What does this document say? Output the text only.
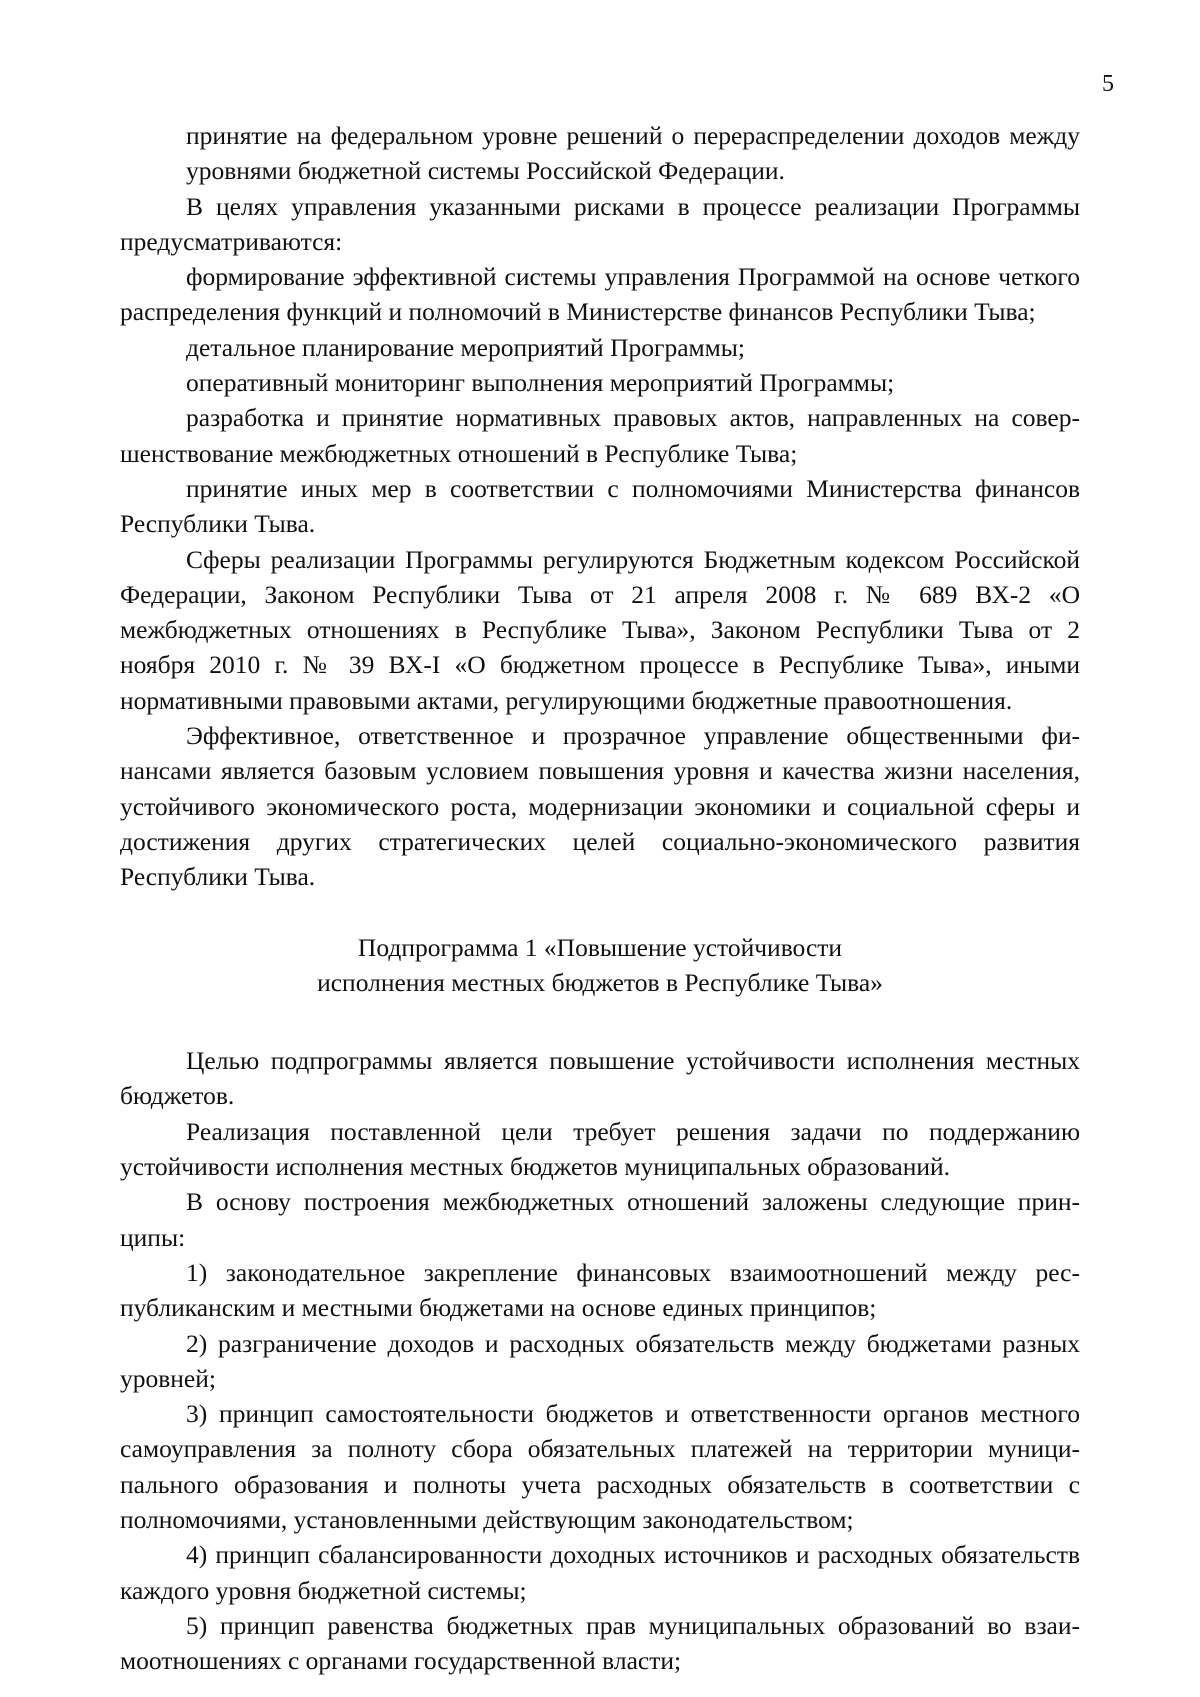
5

принятие на федеральном уровне решений о перераспределении доходов между уровнями бюджетной системы Российской Федерации.

В целях управления указанными рисками в процессе реализации Программы предусматриваются:

формирование эффективной системы управления Программой на основе четкого распределения функций и полномочий в Министерстве финансов Республики Тыва;

детальное планирование мероприятий Программы;

оперативный мониторинг выполнения мероприятий Программы;

разработка и принятие нормативных правовых актов, направленных на совершенствование межбюджетных отношений в Республике Тыва;

принятие иных мер в соответствии с полномочиями Министерства финансов Республики Тыва.

Сферы реализации Программы регулируются Бюджетным кодексом Российской Федерации, Законом Республики Тыва от 21 апреля 2008 г. № 689 ВХ-2 «О межбюджетных отношениях в Республике Тыва», Законом Республики Тыва от 2 ноября 2010 г. № 39 ВХ-I «О бюджетном процессе в Республике Тыва», иными нормативными правовыми актами, регулирующими бюджетные правоотношения.

Эффективное, ответственное и прозрачное управление общественными финансами является базовым условием повышения уровня и качества жизни населения, устойчивого экономического роста, модернизации экономики и социальной сферы и достижения других стратегических целей социально-экономического развития Республики Тыва.

Подпрограмма 1 «Повышение устойчивости
исполнения местных бюджетов в Республике Тыва»

Целью подпрограммы является повышение устойчивости исполнения местных бюджетов.

Реализация поставленной цели требует решения задачи по поддержанию устойчивости исполнения местных бюджетов муниципальных образований.

В основу построения межбюджетных отношений заложены следующие принципы:

1) законодательное закрепление финансовых взаимоотношений между республиканским и местными бюджетами на основе единых принципов;

2) разграничение доходов и расходных обязательств между бюджетами разных уровней;

3) принцип самостоятельности бюджетов и ответственности органов местного самоуправления за полноту сбора обязательных платежей на территории муниципального образования и полноты учета расходных обязательств в соответствии с полномочиями, установленными действующим законодательством;

4) принцип сбалансированности доходных источников и расходных обязательств каждого уровня бюджетной системы;

5) принцип равенства бюджетных прав муниципальных образований во взаимоотношениях с органами государственной власти;
